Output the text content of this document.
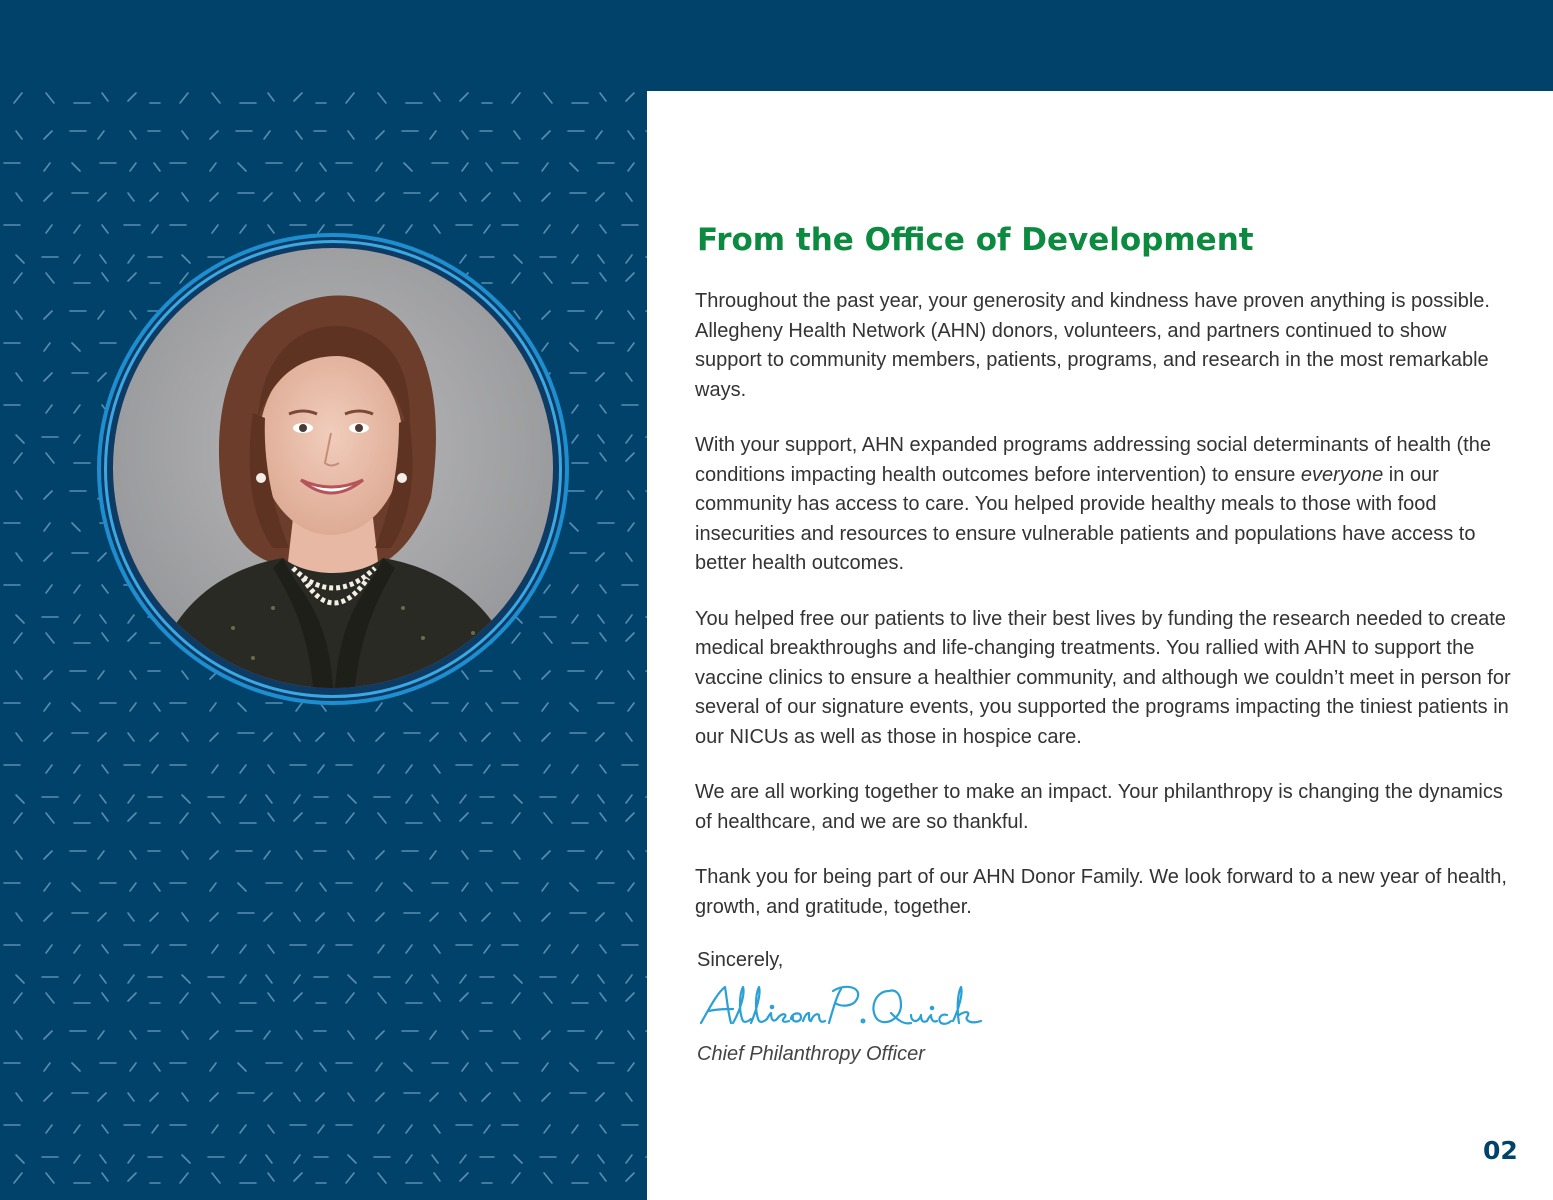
From the Office of Development

Throughout the past year, your generosity and kindness have proven anything is possible. Allegheny Health Network (AHN) donors, volunteers, and partners continued to show support to community members, patients, programs, and research in the most remarkable ways.

With your support, AHN expanded programs addressing social determinants of health (the conditions impacting health outcomes before intervention) to ensure everyone in our community has access to care. You helped provide healthy meals to those with food insecurities and resources to ensure vulnerable patients and populations have access to better health outcomes.

You helped free our patients to live their best lives by funding the research needed to create medical breakthroughs and life-changing treatments. You rallied with AHN to support the vaccine clinics to ensure a healthier community, and although we couldn’t meet in person for several of our signature events, you supported the programs impacting the tiniest patients in our NICUs as well as those in hospice care.

We are all working together to make an impact. Your philanthropy is changing the dynamics of healthcare, and we are so thankful.

Thank you for being part of our AHN Donor Family. We look forward to a new year of health, growth, and gratitude, together.

Sincerely,

Chief Philanthropy Officer

02
